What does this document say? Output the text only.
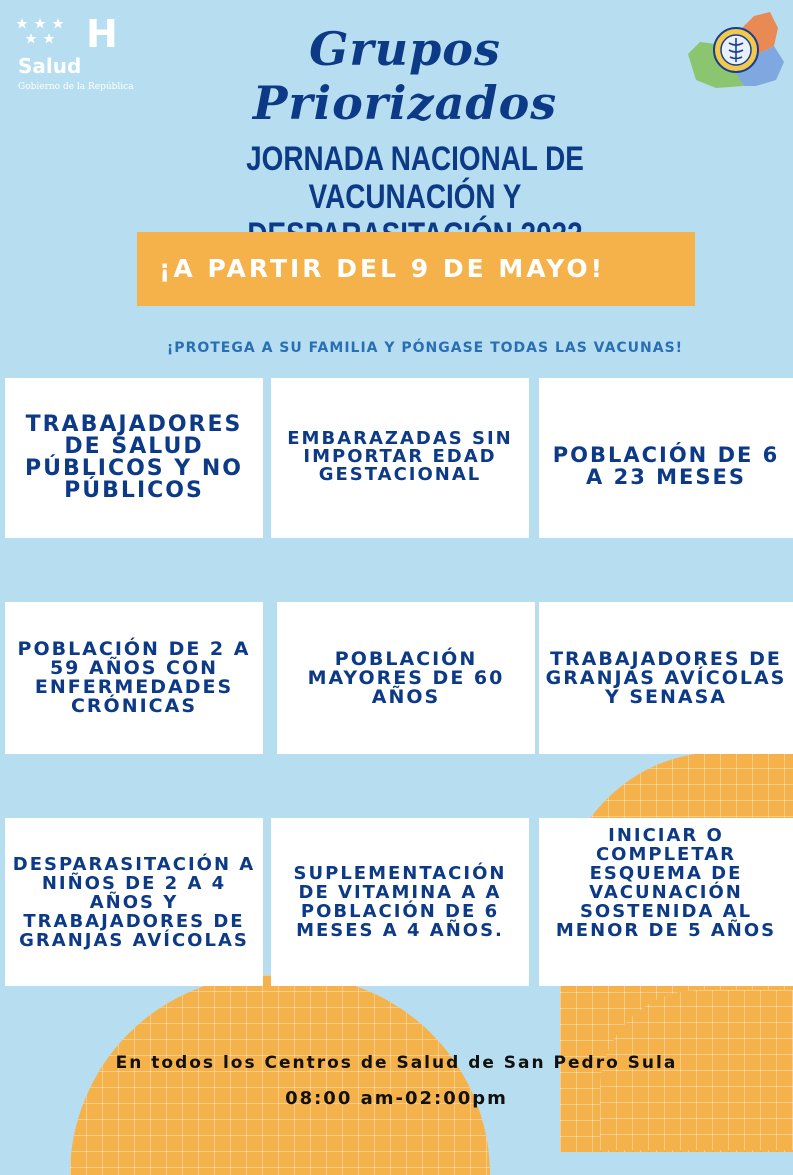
H
Salud
Gobierno de la República
Grupos Priorizados
JORNADA NACIONAL DE VACUNACIÓN Y
¡A PARTIR DEL 9 DE MAYO!
¡PROTEGA A SU FAMILIA Y PÓNGASE TODAS LAS VACUNAS!
TRABAJADORES DE SALUD PÚBLICOS Y NO PÚBLICOS
EMBARAZADAS SIN IMPORTAR EDAD GESTACIONAL
POBLACIÓN DE 6 A 23 MESES
POBLACIÓN DE 2 A 59 AÑOS CON ENFERMEDADES CRÓNICAS
POBLACIÓN MAYORES DE 60 AÑOS
TRABAJADORES DE GRANJAS AVÍCOLAS Y SENASA
DESPARASITACIÓN A NIÑOS DE 2 A 4 AÑOS Y TRABAJADORES DE GRANJAS AVÍCOLAS
SUPLEMENTACIÓN DE VITAMINA A A POBLACIÓN DE 6 MESES A 4 AÑOS.
INICIAR O COMPLETAR ESQUEMA DE VACUNACIÓN SOSTENIDA AL MENOR DE 5 AÑOS
En todos los Centros de Salud de San Pedro Sula
08:00 am-02:00pm
